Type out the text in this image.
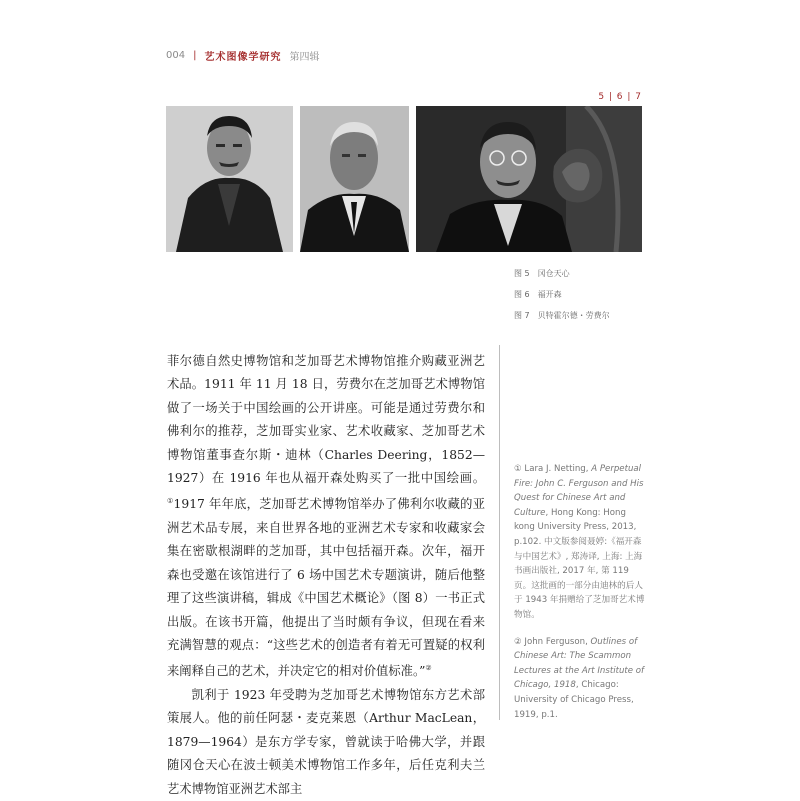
004 | 艺术图像学研究 第四辑
5 | 6 | 7
图 5　冈仓天心
图 6　福开森
图 7　贝特霍尔德・劳费尔

菲尔德自然史博物馆和芝加哥艺术博物馆推介购藏亚洲艺术品。1911 年 11 月 18 日，劳费尔在芝加哥艺术博物馆做了一场关于中国绘画的公开讲座。可能是通过劳费尔和佛利尔的推荐，芝加哥实业家、艺术收藏家、芝加哥艺术博物馆董事查尔斯・迪林（Charles Deering，1852—1927）在 1916 年也从福开森处购买了一批中国绘画。①1917 年年底，芝加哥艺术博物馆举办了佛利尔收藏的亚洲艺术品专展，来自世界各地的亚洲艺术专家和收藏家会集在密歇根湖畔的芝加哥，其中包括福开森。次年，福开森也受邀在该馆进行了 6 场中国艺术专题演讲，随后他整理了这些演讲稿，辑成《中国艺术概论》（图 8）一书正式出版。在该书开篇，他提出了当时颇有争议，但现在看来充满智慧的观点：“这些艺术的创造者有着无可置疑的权利来阐释自己的艺术，并决定它的相对价值标准。”②

凯利于 1923 年受聘为芝加哥艺术博物馆东方艺术部策展人。他的前任阿瑟・麦克莱恩（Arthur MacLean，1879—1964）是东方学专家，曾就读于哈佛大学，并跟随冈仓天心在波士顿美术博物馆工作多年，后任克利夫兰艺术博物馆亚洲艺术部主

① Lara J. Netting, A Perpetual Fire: John C. Ferguson and His Quest for Chinese Art and Culture, Hong Kong: Hong kong University Press, 2013, p.102. 中文版参阅聂婷:《福开森与中国艺术》, 郑涛译, 上海: 上海书画出版社, 2017 年, 第 119 页。这批画的一部分由迪林的后人于 1943 年捐赠给了芝加哥艺术博物馆。

② John Ferguson, Outlines of Chinese Art: The Scammon Lectures at the Art Institute of Chicago, 1918, Chicago: University of Chicago Press, 1919, p.1.
